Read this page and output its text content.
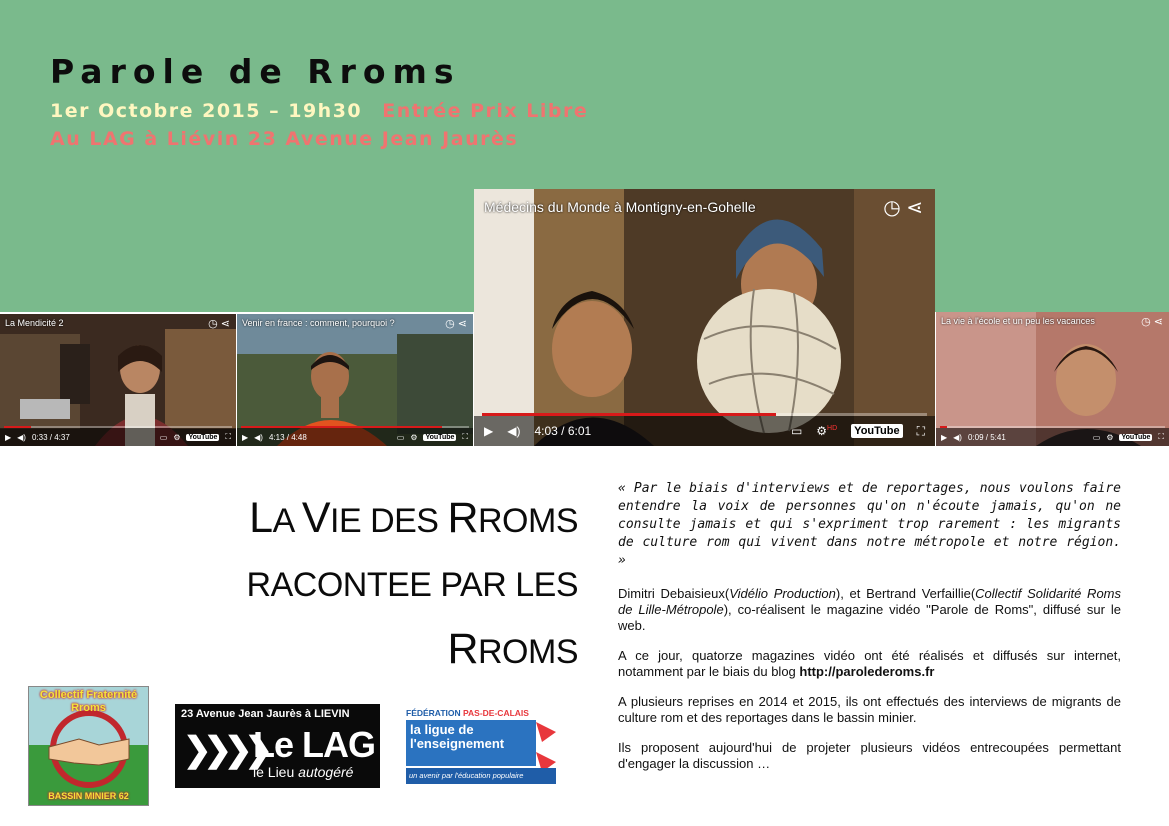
Parole de Rroms
1er Octobre 2015 – 19h30 Entrée Prix Libre
Au LAG à Liévin 23 Avenue Jean Jaurès
La Mendicité 2	◷ ⋖
▶ ◀) 0:33 / 4:37	▭ ⚙ YouTube ⛶
Venir en france : comment, pourquoi ?	◷ ⋖
▶ ◀) 4:13 / 4:48	▭ ⚙ YouTube ⛶
Médecins du Monde à Montigny-en-Gohelle	◷ ⋖
▶ ◀) 4:03 / 6:01	▭ ⚙$^{HD}$ YouTube ⛶
La vie à l'école et un peu les vacances	◷ ⋖
▶ ◀) 0:09 / 5:41	▭ ⚙ YouTube ⛶
LA VIE DES RROMS
RACONTEE PAR LES
RROMS

« Par le biais d'interviews et de reportages, nous voulons faire entendre la voix de personnes qu'on n'écoute jamais, qu'on ne consulte jamais et qui s'expriment trop rarement : les migrants de culture rom qui vivent dans notre métropole et notre région. »

Dimitri Debaisieux(Vidélio Production), et Bertrand Verfaillie(Collectif Solidarité Roms de Lille-Métropole), co-réalisent le magazine vidéo "Parole de Roms", diffusé sur le web.

A ce jour, quatorze magazines vidéo ont été réalisés et diffusés sur internet, notamment par le biais du blog http://parolederoms.fr

A plusieurs reprises en 2014 et 2015, ils ont effectués des interviews de migrants de culture rom et des reportages dans le bassin minier.

Ils proposent aujourd'hui de projeter plusieurs vidéos entrecoupées permettant d'engager la discussion …

Collectif Fraternité
Rroms
BASSIN MINIER 62
23 Avenue Jean Jaurès à LIEVIN
❯❯❯❯
Le LAG
le Lieu autogéré
FÉDÉRATION PAS-DE-CALAIS
la ligue de
l'enseignement
un avenir par l'éducation populaire
